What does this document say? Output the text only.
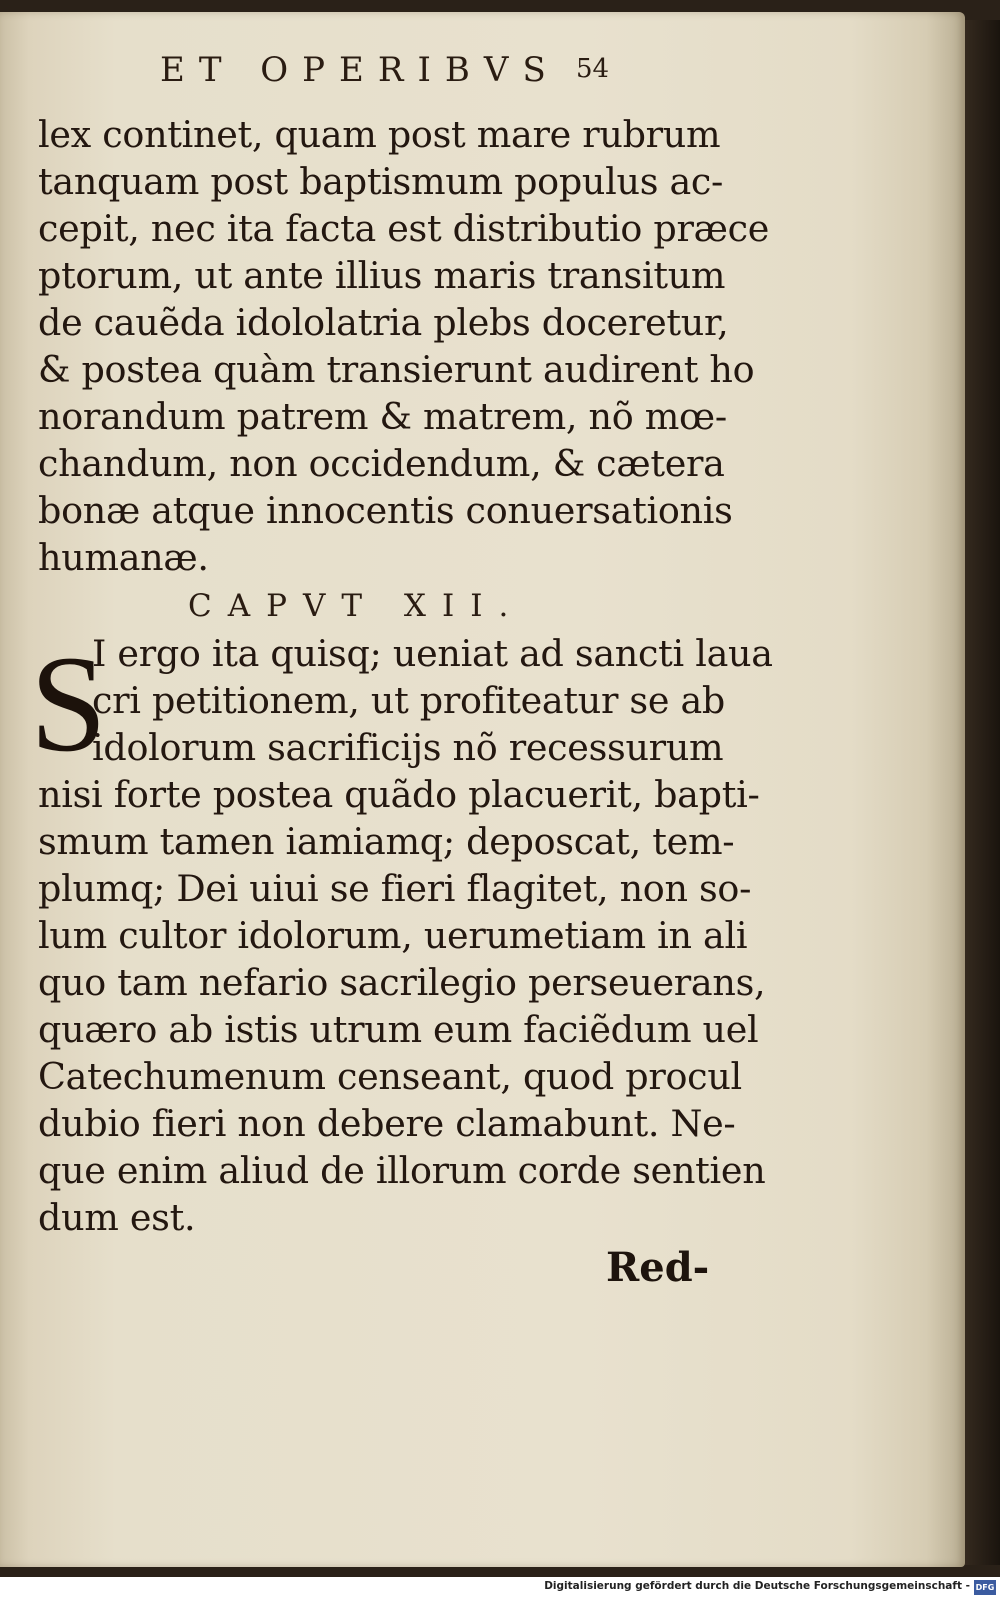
ET OPERIBVS 54
lex continet, quam post mare rubrum
tanquam post baptismum populus ac-
cepit, nec ita facta est distributio præce
ptorum, ut ante illius maris transitum
de cauẽda idololatria plebs doceretur,
& postea quàm transierunt audirent ho
norandum patrem & matrem, nõ mœ-
chandum, non occidendum, & cætera
bonæ atque innocentis conuersationis
humanæ.
CAPVT XII.
S
I ergo ita quisq; ueniat ad sancti laua
cri petitionem, ut profiteatur se ab
idolorum sacrificijs nõ recessurum
nisi forte postea quãdo placuerit, bapti-
smum tamen iamiamq; deposcat, tem-
plumq; Dei uiui se fieri flagitet, non so-
lum cultor idolorum, uerumetiam in ali
quo tam nefario sacrilegio perseuerans,
quæro ab istis utrum eum faciẽdum uel
Catechumenum censeant, quod procul
dubio fieri non debere clamabunt. Ne-
que enim aliud de illorum corde sentien
dum est.
Red-
Digitalisierung gefördert durch die Deutsche Forschungsgemeinschaft - DFG
